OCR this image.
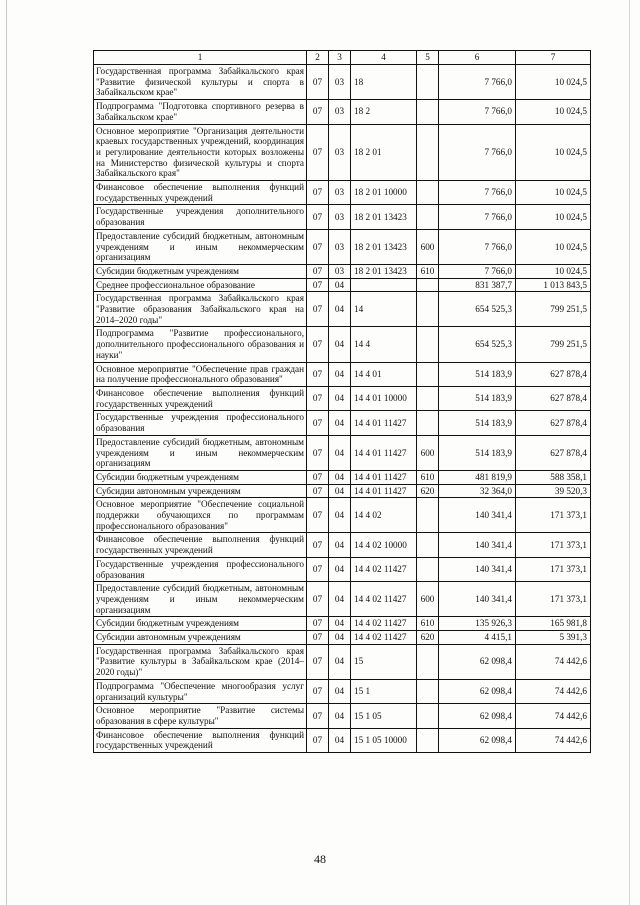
1	2	3	4	5	6	7
Государственная программа Забайкальского края "Развитие физической культуры и спорта в Забайкальском крае"	07	03	18		7 766,0	10 024,5
Подпрограмма "Подготовка спортивного резерва в Забайкальском крае"	07	03	18 2		7 766,0	10 024,5
Основное мероприятие "Организация деятельности краевых государственных учреждений, координация и регулирование деятельности которых возложены на Министерство физической культуры и спорта Забайкальского края"	07	03	18 2 01		7 766,0	10 024,5
Финансовое обеспечение выполнения функций государственных учреждений	07	03	18 2 01 10000		7 766,0	10 024,5
Государственные учреждения дополнительного образования	07	03	18 2 01 13423		7 766,0	10 024,5
Предоставление субсидий бюджетным, автономным учреждениям и иным некоммерческим организациям	07	03	18 2 01 13423	600	7 766,0	10 024,5
Субсидии бюджетным учреждениям	07	03	18 2 01 13423	610	7 766,0	10 024,5
Среднее профессиональное образование	07	04			831 387,7	1 013 843,5
Государственная программа Забайкальского края "Развитие образования Забайкальского края на 2014–2020 годы"	07	04	14		654 525,3	799 251,5
Подпрограмма "Развитие профессионального, дополнительного профессионального образования и науки"	07	04	14 4		654 525,3	799 251,5
Основное мероприятие "Обеспечение прав граждан на получение профессионального образования"	07	04	14 4 01		514 183,9	627 878,4
Финансовое обеспечение выполнения функций государственных учреждений	07	04	14 4 01 10000		514 183,9	627 878,4
Государственные учреждения профессионального образования	07	04	14 4 01 11427		514 183,9	627 878,4
Предоставление субсидий бюджетным, автономным учреждениям и иным некоммерческим организациям	07	04	14 4 01 11427	600	514 183,9	627 878,4
Субсидии бюджетным учреждениям	07	04	14 4 01 11427	610	481 819,9	588 358,1
Субсидии автономным учреждениям	07	04	14 4 01 11427	620	32 364,0	39 520,3
Основное мероприятие "Обеспечение социальной поддержки обучающихся по программам профессионального образования"	07	04	14 4 02		140 341,4	171 373,1
Финансовое обеспечение выполнения функций государственных учреждений	07	04	14 4 02 10000		140 341,4	171 373,1
Государственные учреждения профессионального образования	07	04	14 4 02 11427		140 341,4	171 373,1
Предоставление субсидий бюджетным, автономным учреждениям и иным некоммерческим организациям	07	04	14 4 02 11427	600	140 341,4	171 373,1
Субсидии бюджетным учреждениям	07	04	14 4 02 11427	610	135 926,3	165 981,8
Субсидии автономным учреждениям	07	04	14 4 02 11427	620	4 415,1	5 391,3
Государственная программа Забайкальского края "Развитие культуры в Забайкальском крае (2014–2020 годы)"	07	04	15		62 098,4	74 442,6
Подпрограмма "Обеспечение многообразия услуг организаций культуры"	07	04	15 1		62 098,4	74 442,6
Основное мероприятие "Развитие системы образования в сфере культуры"	07	04	15 1 05		62 098,4	74 442,6
Финансовое обеспечение выполнения функций государственных учреждений	07	04	15 1 05 10000		62 098,4	74 442,6
48
